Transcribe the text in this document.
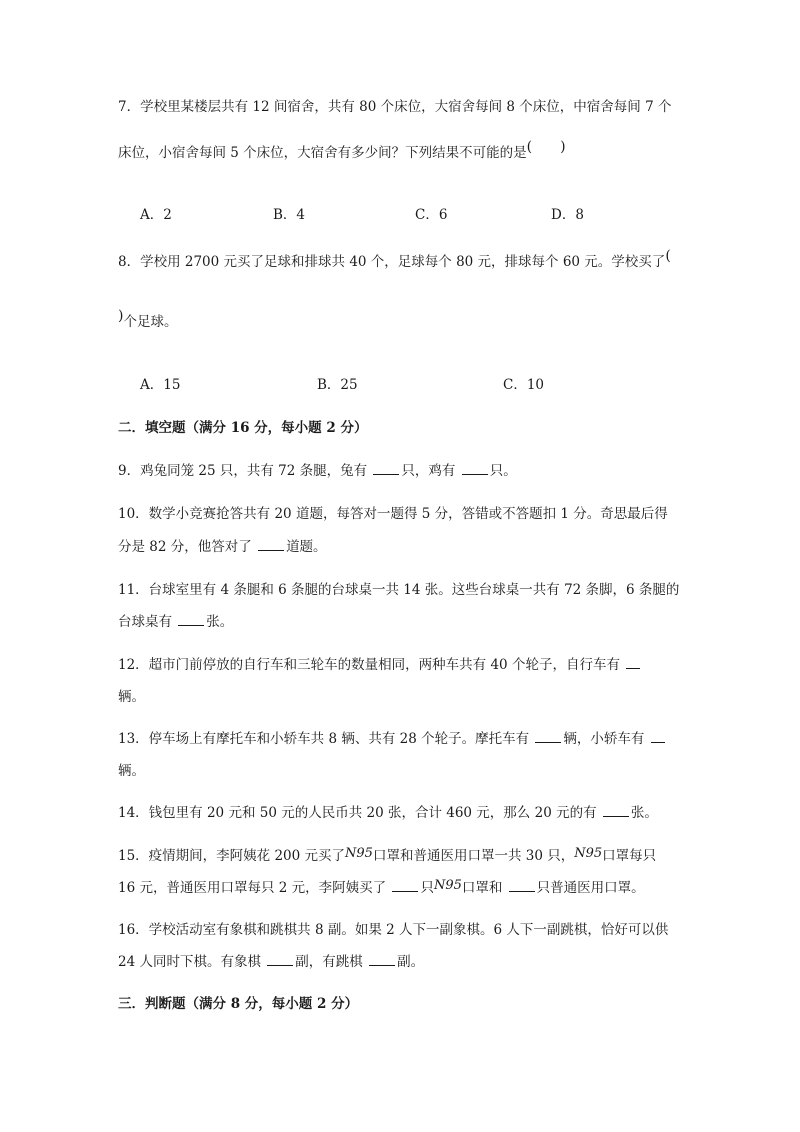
7．学校里某楼层共有 12 间宿舍，共有 80 个床位，大宿舍每间 8 个床位，中宿舍每间 7 个
床位，小宿舍每间 5 个床位，大宿舍有多少间？下列结果不可能的是( )
A．2	B．4	C．6	D．8
8．学校用 2700 元买了足球和排球共 40 个，足球每个 80 元，排球每个 60 元。学校买了(
)个足球。
A．15	B．25	C．10
二．填空题（满分 16 分，每小题 2 分）
9．鸡兔同笼 25 只，共有 72 条腿，兔有	只，鸡有	只。
10．数学小竞赛抢答共有 20 道题，每答对一题得 5 分，答错或不答题扣 1 分。奇思最后得
分是 82 分，他答对了	道题。
11．台球室里有 4 条腿和 6 条腿的台球桌一共 14 张。这些台球桌一共有 72 条脚，6 条腿的
台球桌有	张。
12．超市门前停放的自行车和三轮车的数量相同，两种车共有 40 个轮子，自行车有
辆。
13．停车场上有摩托车和小轿车共 8 辆、共有 28 个轮子。摩托车有	辆，小轿车有
辆。
14．钱包里有 20 元和 50 元的人民币共 20 张，合计 460 元，那么 20 元的有	张。
15．疫情期间，李阿姨花 200 元买了N95口罩和普通医用口罩一共 30 只，N95口罩每只
16 元，普通医用口罩每只 2 元，李阿姨买了	只N95口罩和	只普通医用口罩。
16．学校活动室有象棋和跳棋共 8 副。如果 2 人下一副象棋。6 人下一副跳棋，恰好可以供
24 人同时下棋。有象棋	副，有跳棋	副。
三．判断题（满分 8 分，每小题 2 分）
